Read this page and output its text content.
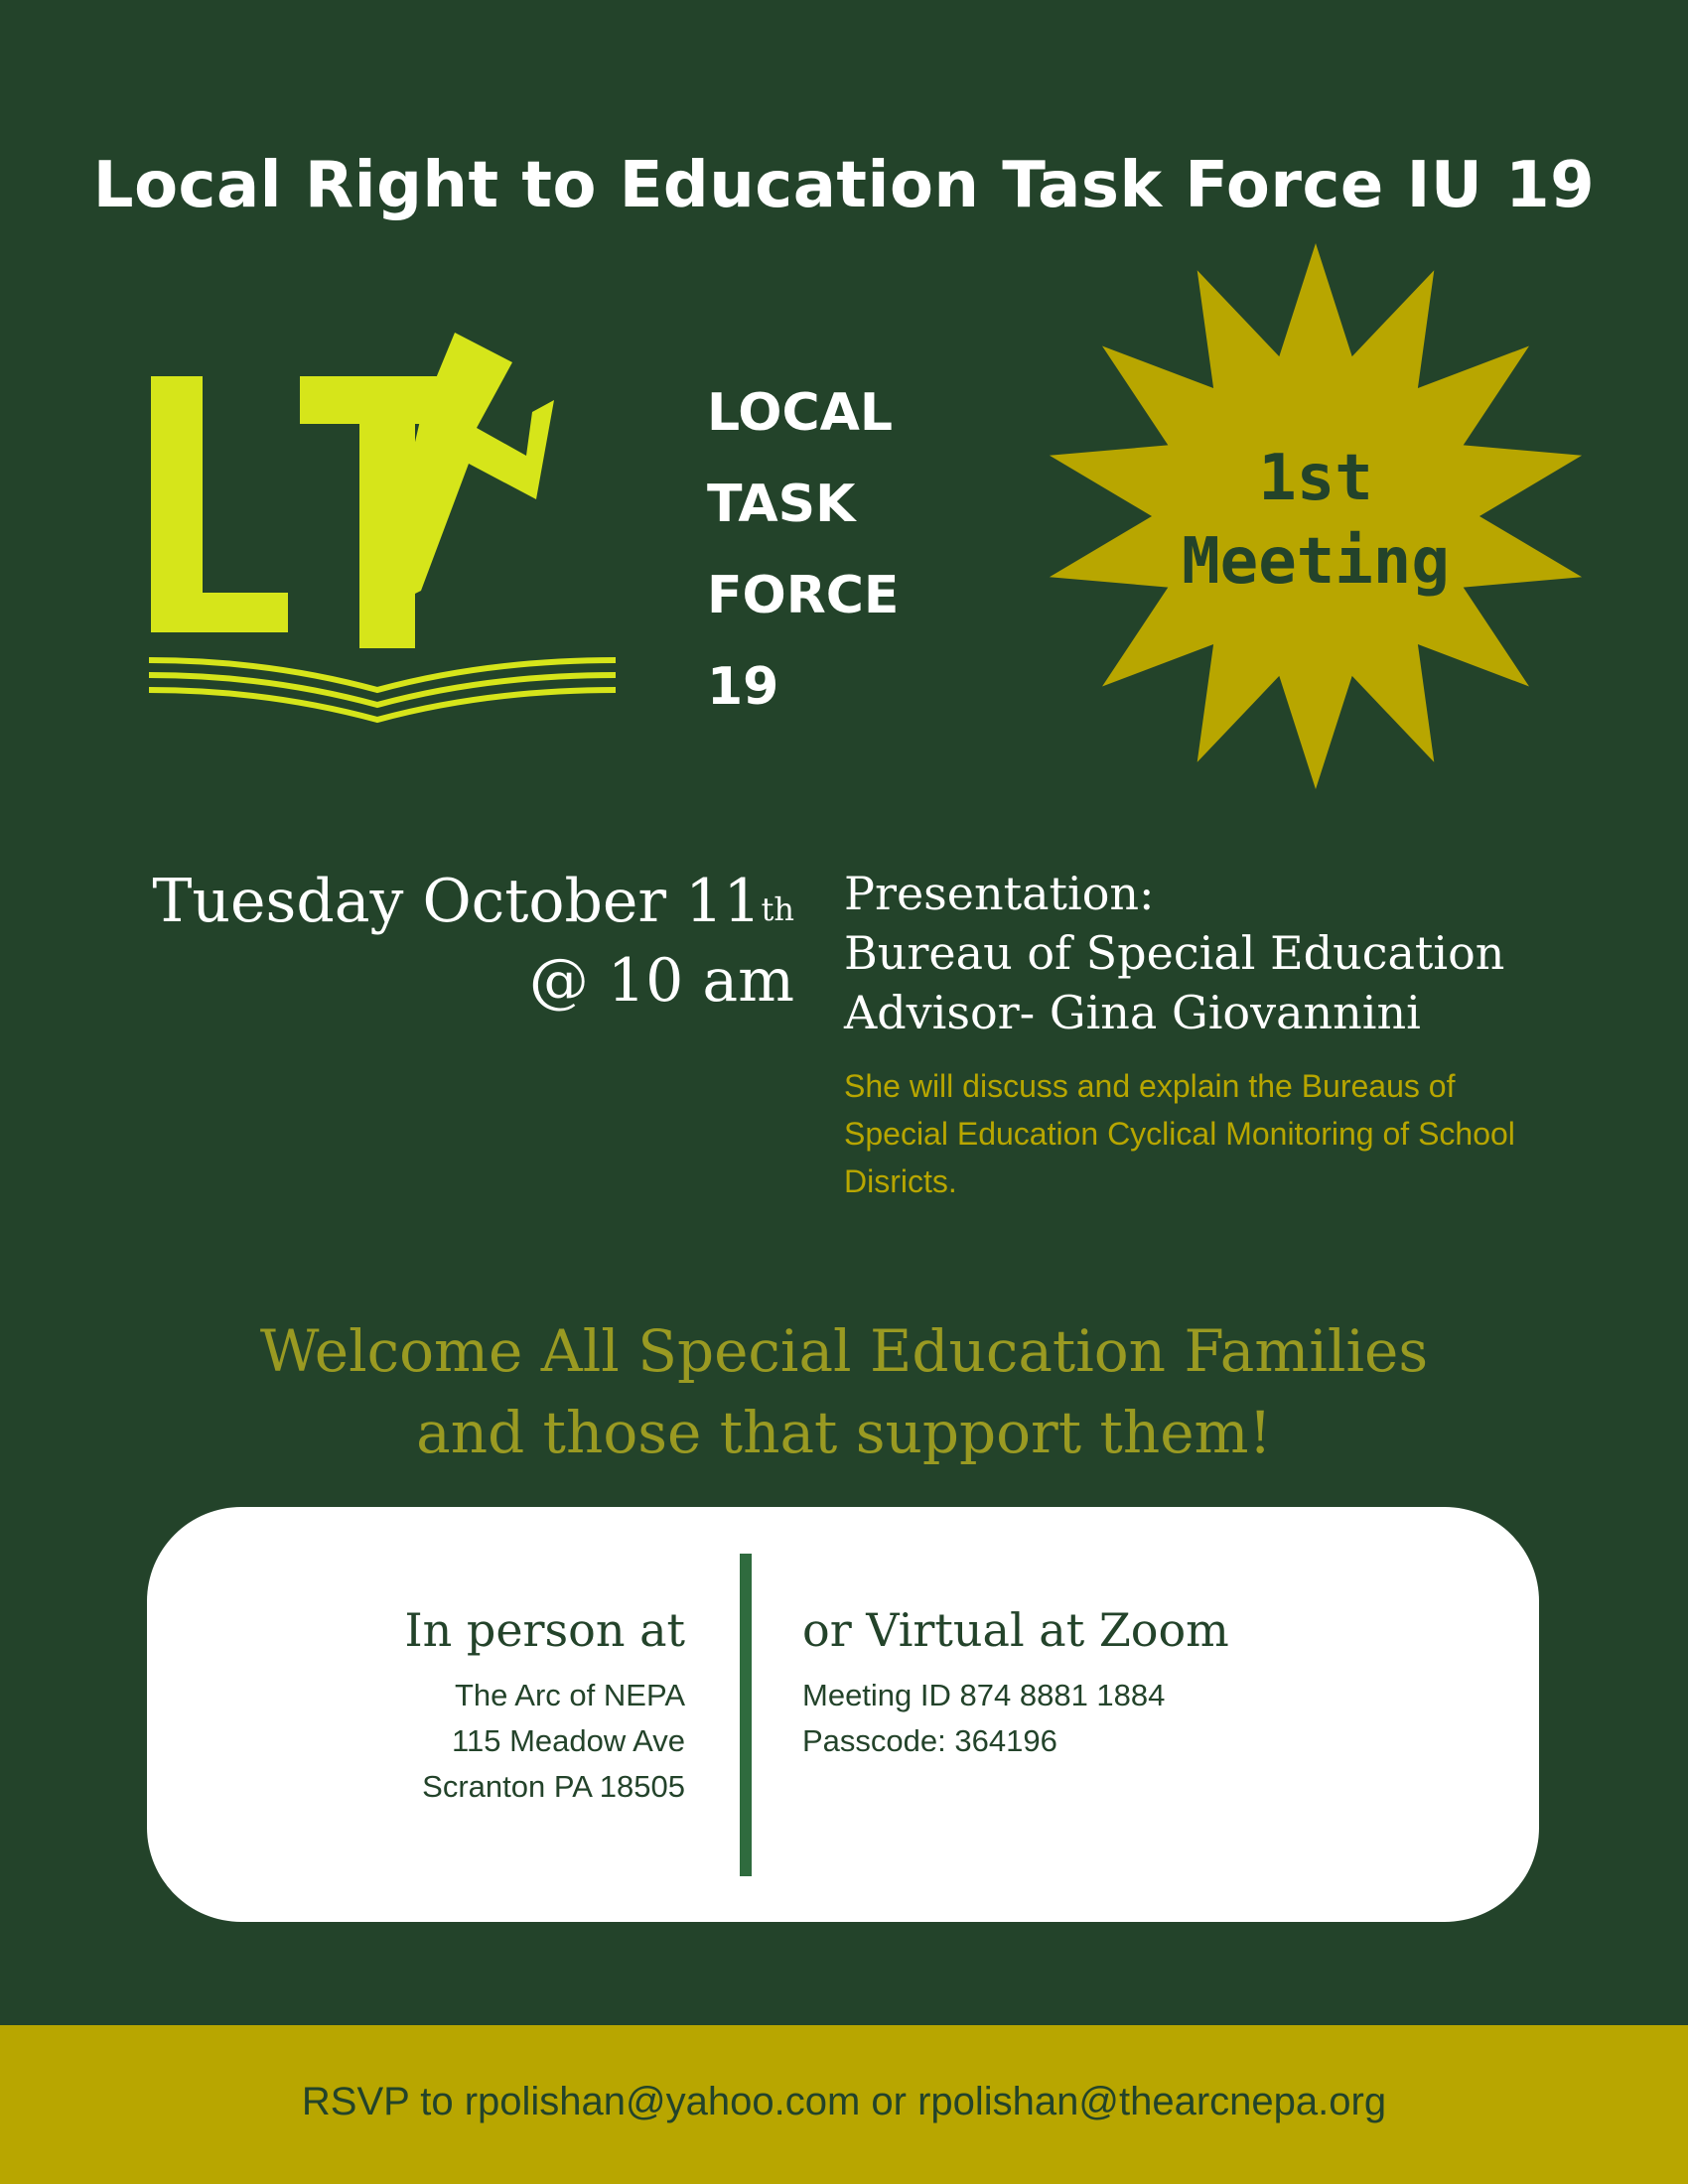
Local Right to Education Task Force IU 19
LOCAL
TASK
FORCE
19
1st
Meeting
Tuesday October 11th
@ 10 am
Presentation:
Bureau of Special Education
Advisor- Gina Giovannini
She will discuss and explain the Bureaus of Special Education Cyclical Monitoring of School Disricts.
Welcome All Special Education Families
and those that support them!
In person at
The Arc of NEPA
115 Meadow Ave
Scranton PA 18505
or Virtual at Zoom
Meeting ID 874 8881 1884
Passcode: 364196
RSVP to rpolishan@yahoo.com or rpolishan@thearcnepa.org
